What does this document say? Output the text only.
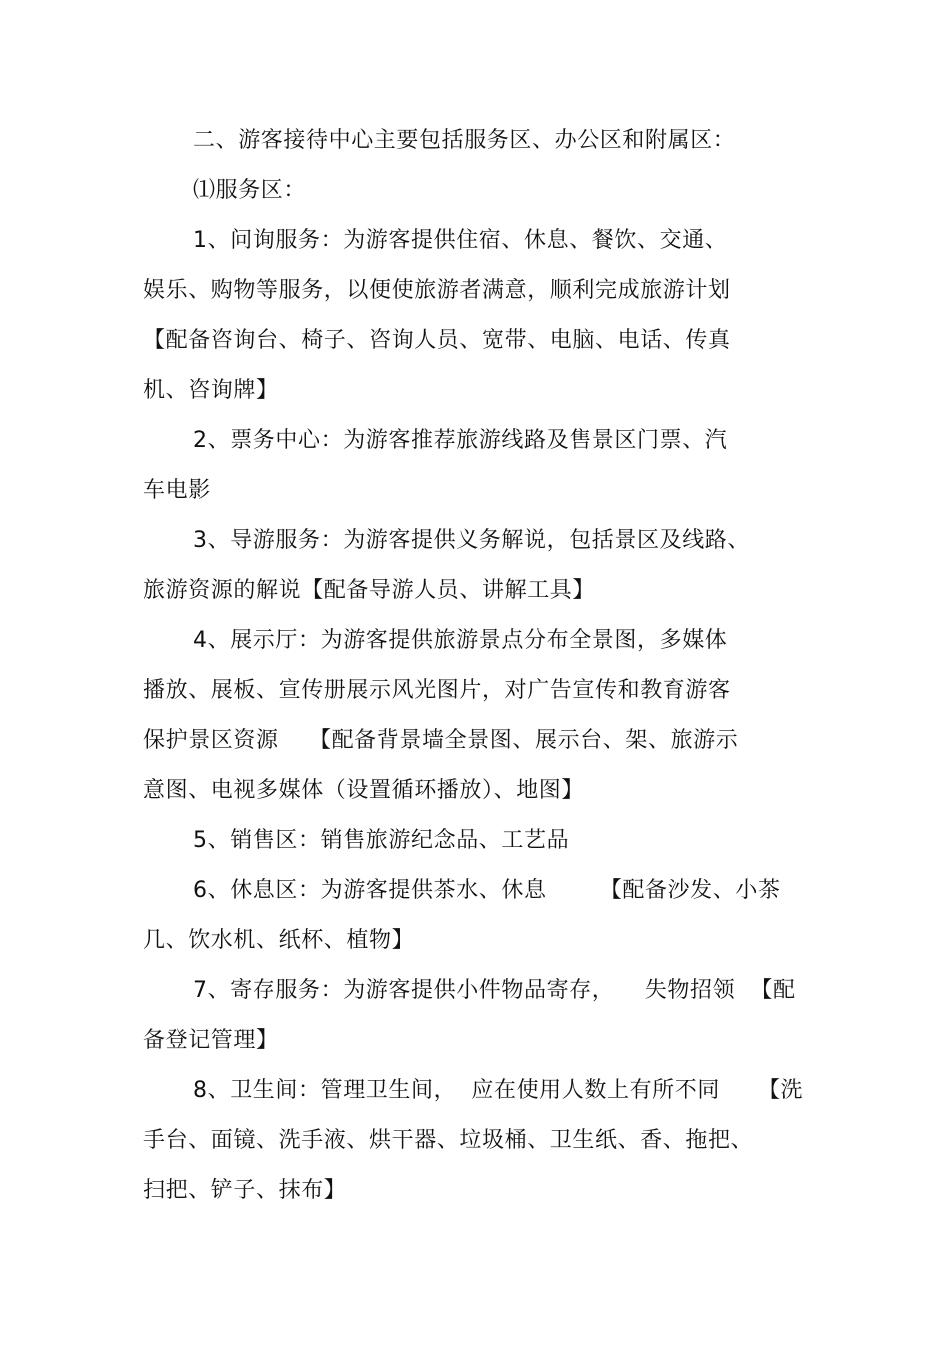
二、游客接待中心主要包括服务区、办公区和附属区：
⑴服务区：
1、问询服务：为游客提供住宿、休息、餐饮、交通、
娱乐、购物等服务，以便使旅游者满意，顺利完成旅游计划
【配备咨询台、椅子、咨询人员、宽带、电脑、电话、传真
机、咨询牌】
2、票务中心：为游客推荐旅游线路及售景区门票、汽
车电影
3、导游服务：为游客提供义务解说，包括景区及线路、
旅游资源的解说【配备导游人员、讲解工具】
4、展示厅：为游客提供旅游景点分布全景图，多媒体
播放、展板、宣传册展示风光图片，对广告宣传和教育游客
保护景区资源    【配备背景墙全景图、展示台、架、旅游示
意图、电视多媒体（设置循环播放）、地图】
5、销售区：销售旅游纪念品、工艺品
6、休息区：为游客提供茶水、休息       【配备沙发、小茶
几、饮水机、纸杯、植物】
7、寄存服务：为游客提供小件物品寄存，    失物招领  【配
备登记管理】
8、卫生间：管理卫生间，  应在使用人数上有所不同     【洗
手台、面镜、洗手液、烘干器、垃圾桶、卫生纸、香、拖把、
扫把、铲子、抹布】
